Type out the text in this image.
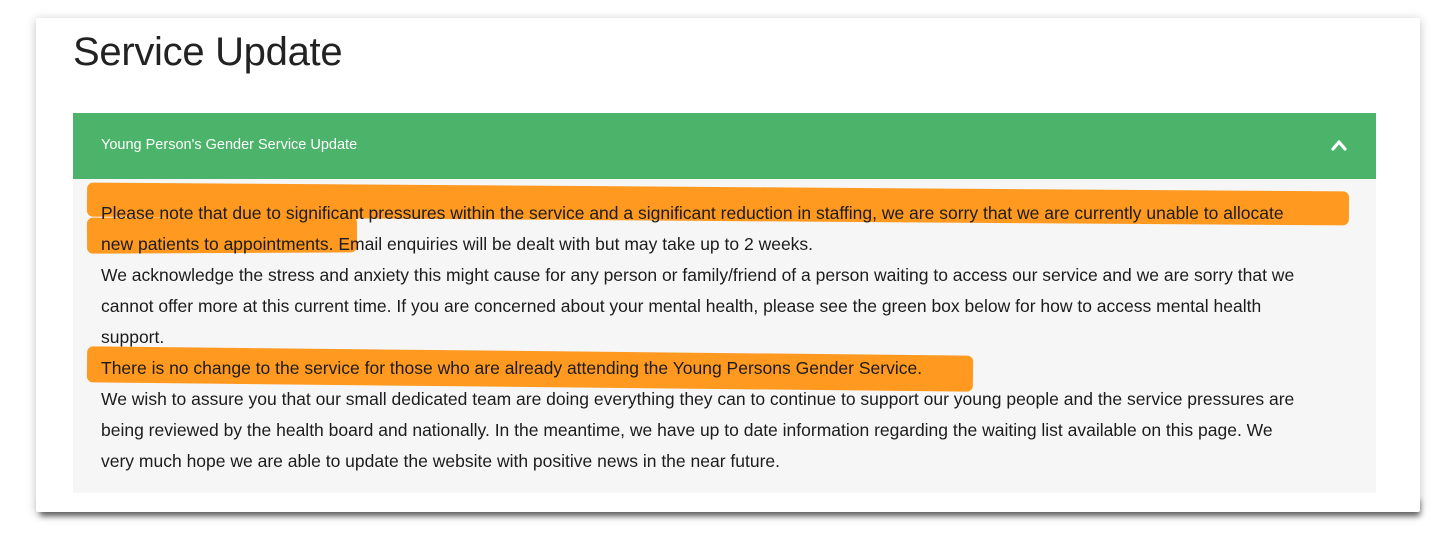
Service Update
Young Person's Gender Service Update
Please note that due to significant pressures within the service and a significant reduction in staffing, we are sorry that we are currently unable to allocate
new patients to appointments. Email enquiries will be dealt with but may take up to 2 weeks.
We acknowledge the stress and anxiety this might cause for any person or family/friend of a person waiting to access our service and we are sorry that we
cannot offer more at this current time. If you are concerned about your mental health, please see the green box below for how to access mental health
support.
There is no change to the service for those who are already attending the Young Persons Gender Service.
We wish to assure you that our small dedicated team are doing everything they can to continue to support our young people and the service pressures are
being reviewed by the health board and nationally. In the meantime, we have up to date information regarding the waiting list available on this page. We
very much hope we are able to update the website with positive news in the near future.
